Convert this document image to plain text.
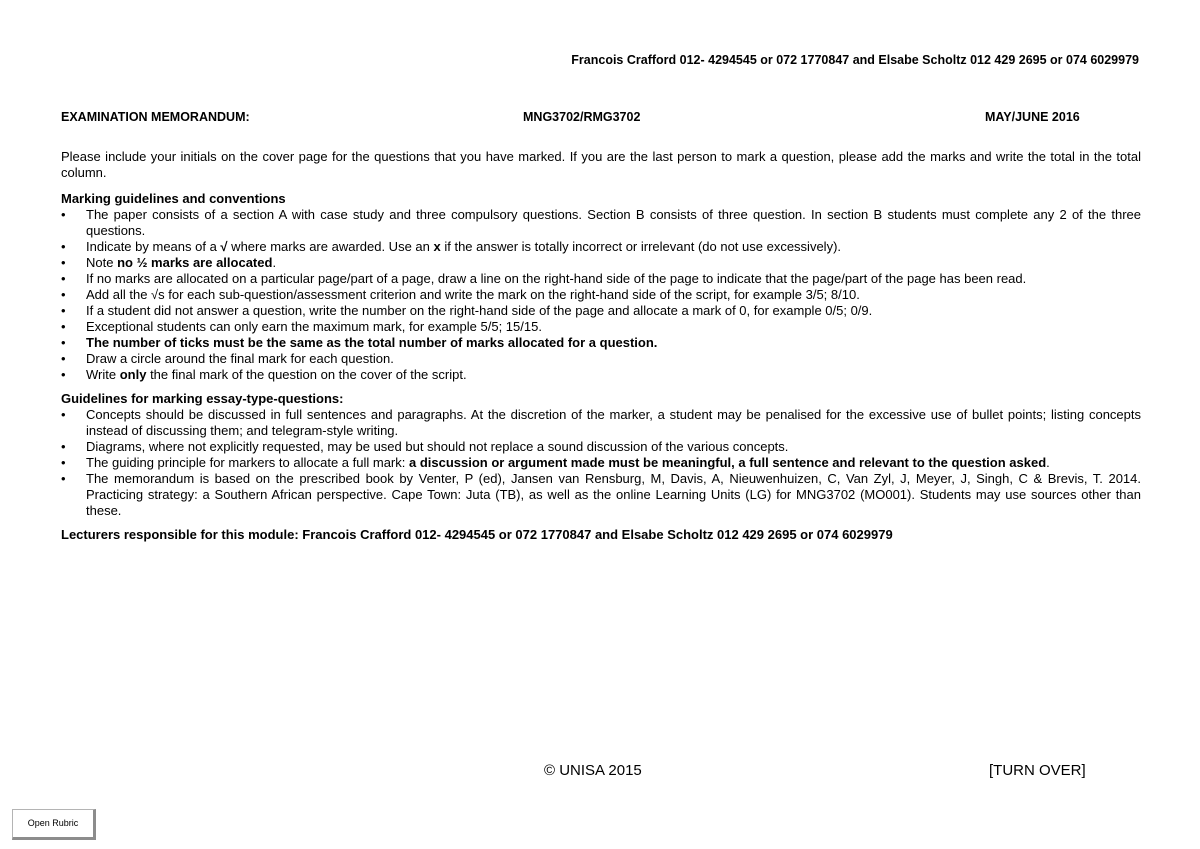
Francois Crafford 012- 4294545 or 072 1770847 and Elsabe Scholtz 012 429 2695 or 074 6029979
EXAMINATION MEMORANDUM:	MNG3702/RMG3702	MAY/JUNE 2016

Please include your initials on the cover page for the questions that you have marked. If you are the last person to mark a question, please add the marks and write the total in the total column.

Marking guidelines and conventions

• The paper consists of a section A with case study and three compulsory questions. Section B consists of three question. In section B students must complete any 2 of the three questions.
• Indicate by means of a √ where marks are awarded. Use an x if the answer is totally incorrect or irrelevant (do not use excessively).
• Note no ½ marks are allocated.
• If no marks are allocated on a particular page/part of a page, draw a line on the right-hand side of the page to indicate that the page/part of the page has been read.
• Add all the √s for each sub-question/assessment criterion and write the mark on the right-hand side of the script, for example 3/5; 8/10.
• If a student did not answer a question, write the number on the right-hand side of the page and allocate a mark of 0, for example 0/5; 0/9.
• Exceptional students can only earn the maximum mark, for example 5/5; 15/15.
• The number of ticks must be the same as the total number of marks allocated for a question.
• Draw a circle around the final mark for each question.
• Write only the final mark of the question on the cover of the script.

Guidelines for marking essay-type-questions:

• Concepts should be discussed in full sentences and paragraphs. At the discretion of the marker, a student may be penalised for the excessive use of bullet points; listing concepts instead of discussing them; and telegram-style writing.
• Diagrams, where not explicitly requested, may be used but should not replace a sound discussion of the various concepts.
• The guiding principle for markers to allocate a full mark: a discussion or argument made must be meaningful, a full sentence and relevant to the question asked.
• The memorandum is based on the prescribed book by Venter, P (ed), Jansen van Rensburg, M, Davis, A, Nieuwenhuizen, C, Van Zyl, J, Meyer, J, Singh, C & Brevis, T. 2014. Practicing strategy: a Southern African perspective. Cape Town: Juta (TB), as well as the online Learning Units (LG) for MNG3702 (MO001). Students may use sources other than these.

Lecturers responsible for this module: Francois Crafford 012- 4294545 or 072 1770847 and Elsabe Scholtz 012 429 2695 or 074 6029979

© UNISA 2015	[TURN OVER]
Open Rubric
